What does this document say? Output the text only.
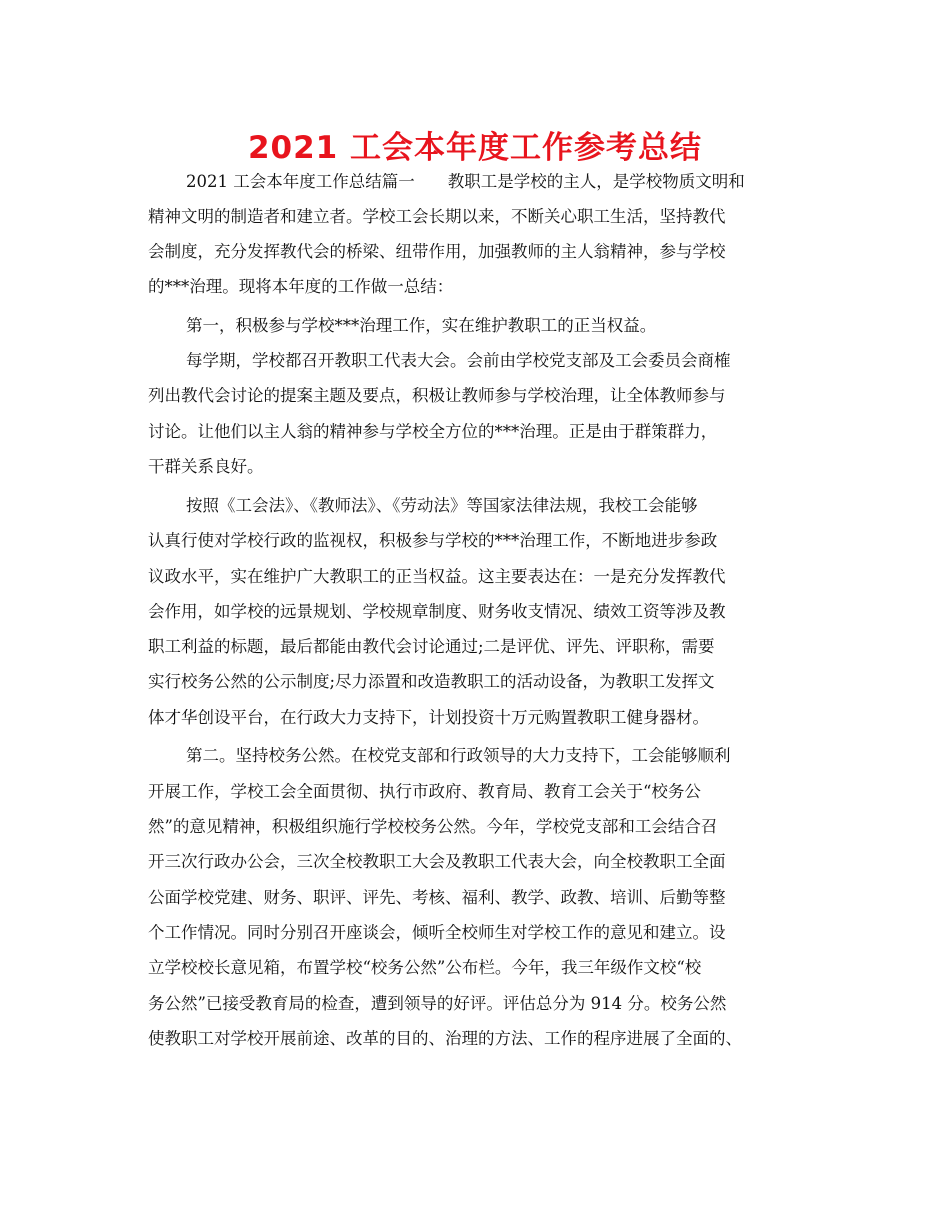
2021 工会本年度工作参考总结
2021 工会本年度工作总结篇一　　教职工是学校的主人，是学校物质文明和
精神文明的制造者和建立者。学校工会长期以来，不断关心职工生活，坚持教代
会制度，充分发挥教代会的桥梁、纽带作用，加强教师的主人翁精神，参与学校
的***治理。现将本年度的工作做一总结：
第一，积极参与学校***治理工作，实在维护教职工的正当权益。
每学期，学校都召开教职工代表大会。会前由学校党支部及工会委员会商榷
列出教代会讨论的提案主题及要点，积极让教师参与学校治理，让全体教师参与
讨论。让他们以主人翁的精神参与学校全方位的***治理。正是由于群策群力，
干群关系良好。
按照《工会法》、《教师法》、《劳动法》等国家法律法规，我校工会能够
认真行使对学校行政的监视权，积极参与学校的***治理工作，不断地进步参政
议政水平，实在维护广大教职工的正当权益。这主要表达在：一是充分发挥教代
会作用，如学校的远景规划、学校规章制度、财务收支情况、绩效工资等涉及教
职工利益的标题，最后都能由教代会讨论通过;二是评优、评先、评职称，需要
实行校务公然的公示制度;尽力添置和改造教职工的活动设备，为教职工发挥文
体才华创设平台，在行政大力支持下，计划投资十万元购置教职工健身器材。
第二。坚持校务公然。在校党支部和行政领导的大力支持下，工会能够顺利
开展工作，学校工会全面贯彻、执行市政府、教育局、教育工会关于“校务公
然”的意见精神，积极组织施行学校校务公然。今年，学校党支部和工会结合召
开三次行政办公会，三次全校教职工大会及教职工代表大会，向全校教职工全面
公面学校党建、财务、职评、评先、考核、福利、教学、政教、培训、后勤等整
个工作情况。同时分别召开座谈会，倾听全校师生对学校工作的意见和建立。设
立学校校长意见箱，布置学校“校务公然”公布栏。今年，我三年级作文校“校
务公然”已接受教育局的检查，遭到领导的好评。评估总分为 914 分。校务公然
使教职工对学校开展前途、改革的目的、治理的方法、工作的程序进展了全面的、
